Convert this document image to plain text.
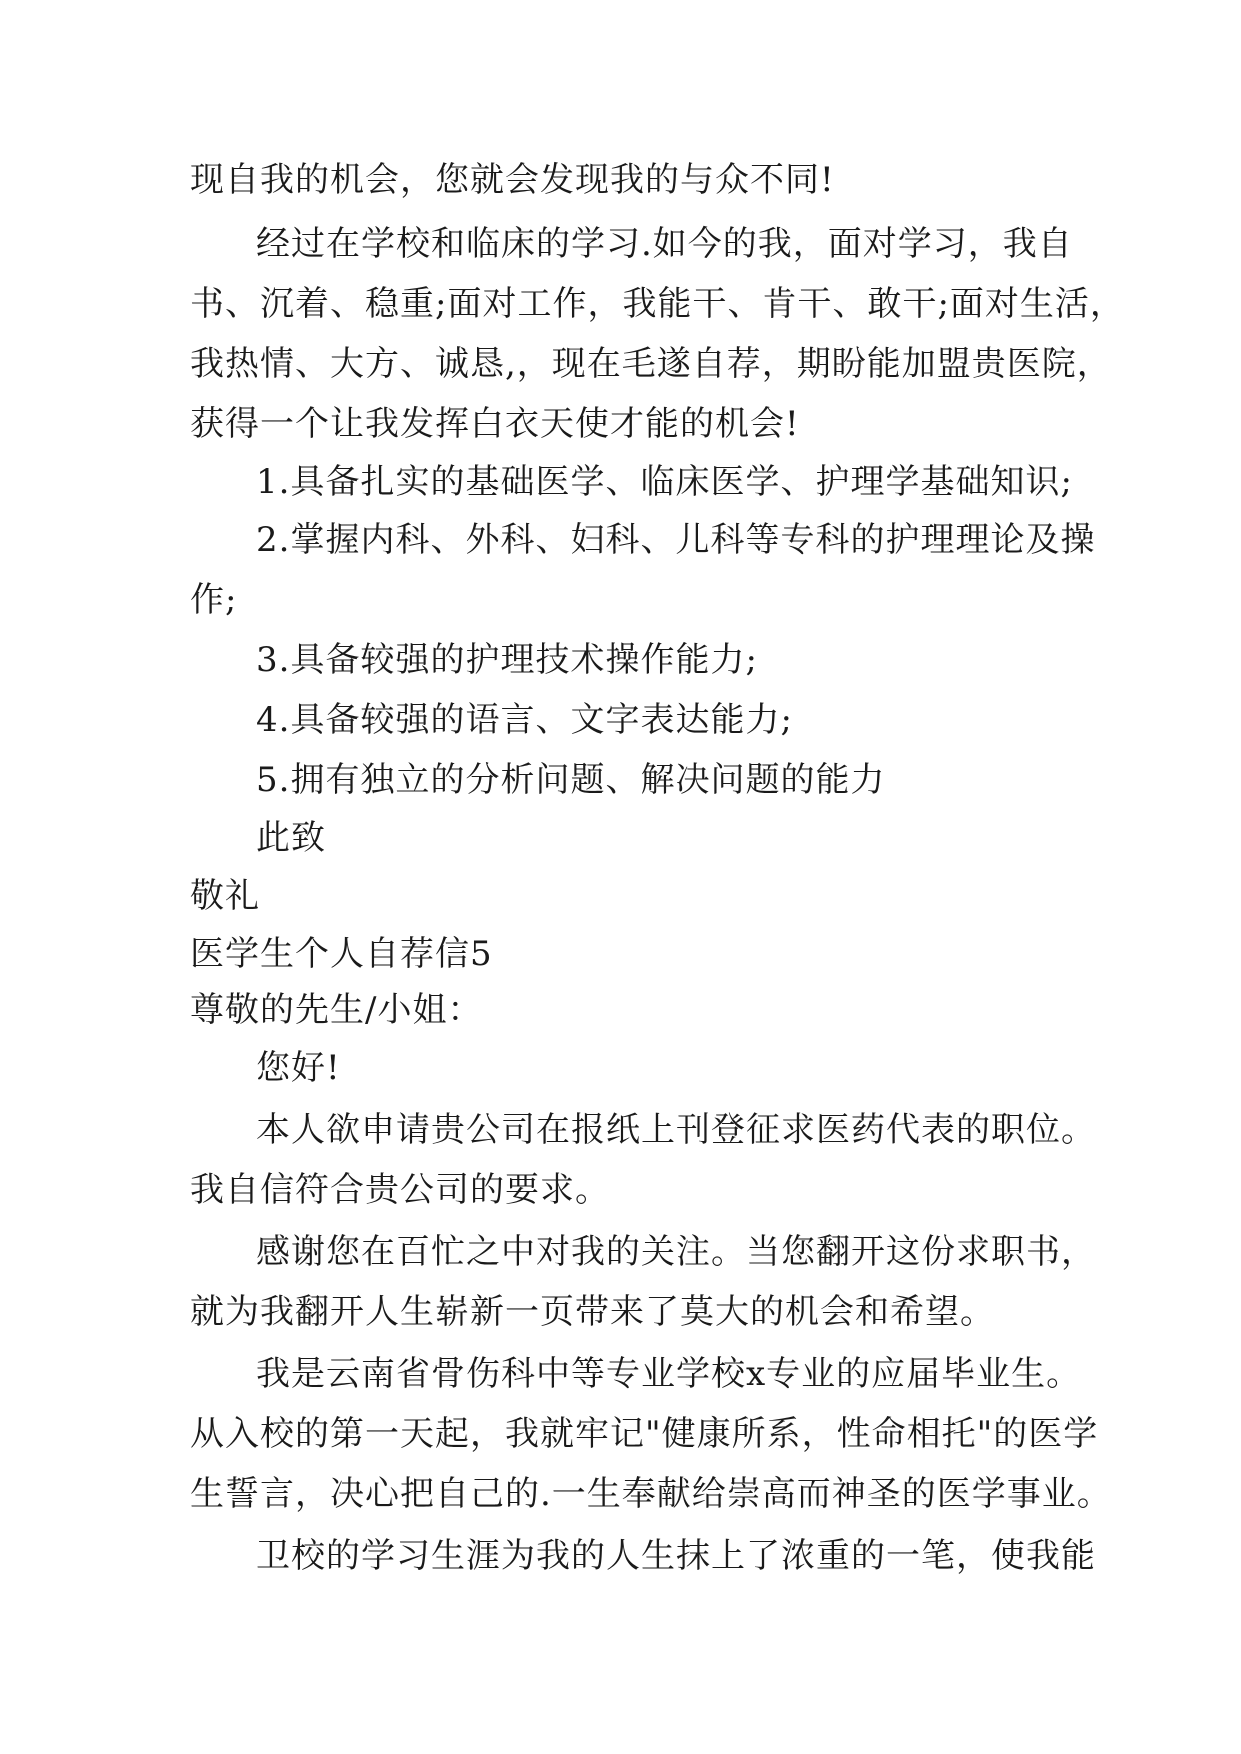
现自我的机会，您就会发现我的与众不同!
经过在学校和临床的学习.如今的我，面对学习，我自
书、沉着、稳重;面对工作，我能干、肯干、敢干;面对生活，
我热情、大方、诚恳,，现在毛遂自荐，期盼能加盟贵医院，
获得一个让我发挥白衣天使才能的机会!
1.具备扎实的基础医学、临床医学、护理学基础知识;
2.掌握内科、外科、妇科、儿科等专科的护理理论及操
作;
3.具备较强的护理技术操作能力;
4.具备较强的语言、文字表达能力;
5.拥有独立的分析问题、解决问题的能力
此致
敬礼
医学生个人自荐信5
尊敬的先生/小姐：
您好!
本人欲申请贵公司在报纸上刊登征求医药代表的职位。
我自信符合贵公司的要求。
感谢您在百忙之中对我的关注。当您翻开这份求职书，
就为我翻开人生崭新一页带来了莫大的机会和希望。
我是云南省骨伤科中等专业学校x专业的应届毕业生。
从入校的第一天起，我就牢记"健康所系，性命相托"的医学
生誓言，决心把自己的.一生奉献给崇高而神圣的医学事业。
卫校的学习生涯为我的人生抹上了浓重的一笔，使我能
